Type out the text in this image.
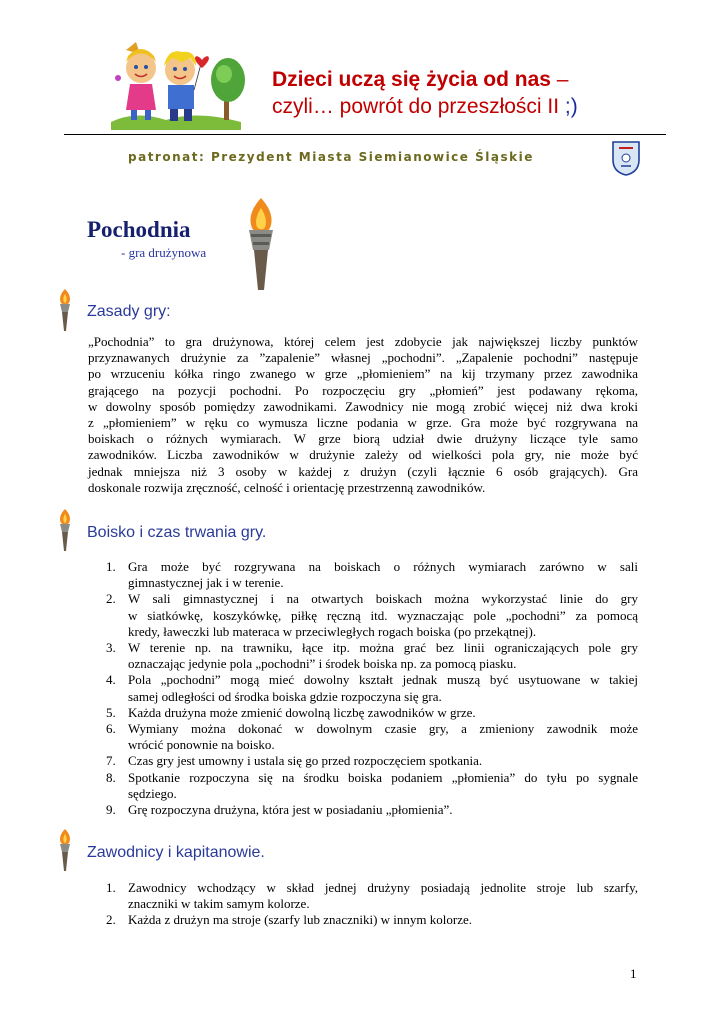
Dzieci uczą się życia od nas –
czyli… powrót do przeszłości II ;)
patronat: Prezydent Miasta Siemianowice Śląskie
Pochodnia
- gra drużynowa
Zasady gry:
„Pochodnia” to gra drużynowa, której celem jest zdobycie jak największej liczby punktów
przyznawanych drużynie za ”zapalenie” własnej „pochodni”. „Zapalenie pochodni” następuje
po wrzuceniu kółka ringo zwanego w grze „płomieniem” na kij trzymany przez zawodnika
grającego na pozycji pochodni. Po rozpoczęciu gry „płomień” jest podawany rękoma,
w dowolny sposób pomiędzy zawodnikami. Zawodnicy nie mogą zrobić więcej niż dwa kroki
z „płomieniem” w ręku co wymusza liczne podania w grze. Gra może być rozgrywana na
boiskach o różnych wymiarach. W grze biorą udział dwie drużyny liczące tyle samo
zawodników. Liczba zawodników w drużynie zależy od wielkości pola gry, nie może być
jednak mniejsza niż 3 osoby w każdej z drużyn (czyli łącznie 6 osób grających). Gra
doskonale rozwija zręczność, celność i orientację przestrzenną zawodników.
Boisko i czas trwania gry.
1. Gra może być rozgrywana na boiskach o różnych wymiarach zarówno w sali
gimnastycznej jak i w terenie.
2. W sali gimnastycznej i na otwartych boiskach można wykorzystać linie do gry
w siatkówkę, koszykówkę, piłkę ręczną itd. wyznaczając pole „pochodni” za pomocą
kredy, ławeczki lub materaca w przeciwległych rogach boiska (po przekątnej).
3. W terenie np. na trawniku, łące itp. można grać bez linii ograniczających pole gry
oznaczając jedynie pola „pochodni” i środek boiska np. za pomocą piasku.
4. Pola „pochodni” mogą mieć dowolny kształt jednak muszą być usytuowane w takiej
samej odległości od środka boiska gdzie rozpoczyna się gra.
5. Każda drużyna może zmienić dowolną liczbę zawodników w grze.
6. Wymiany można dokonać w dowolnym czasie gry, a zmieniony zawodnik może
wrócić ponownie na boisko.
7. Czas gry jest umowny i ustala się go przed rozpoczęciem spotkania.
8. Spotkanie rozpoczyna się na środku boiska podaniem „płomienia” do tyłu po sygnale
sędziego.
9. Grę rozpoczyna drużyna, która jest w posiadaniu „płomienia”.
Zawodnicy i kapitanowie.
1. Zawodnicy wchodzący w skład jednej drużyny posiadają jednolite stroje lub szarfy,
znaczniki w takim samym kolorze.
2. Każda z drużyn ma stroje (szarfy lub znaczniki) w innym kolorze.
1
